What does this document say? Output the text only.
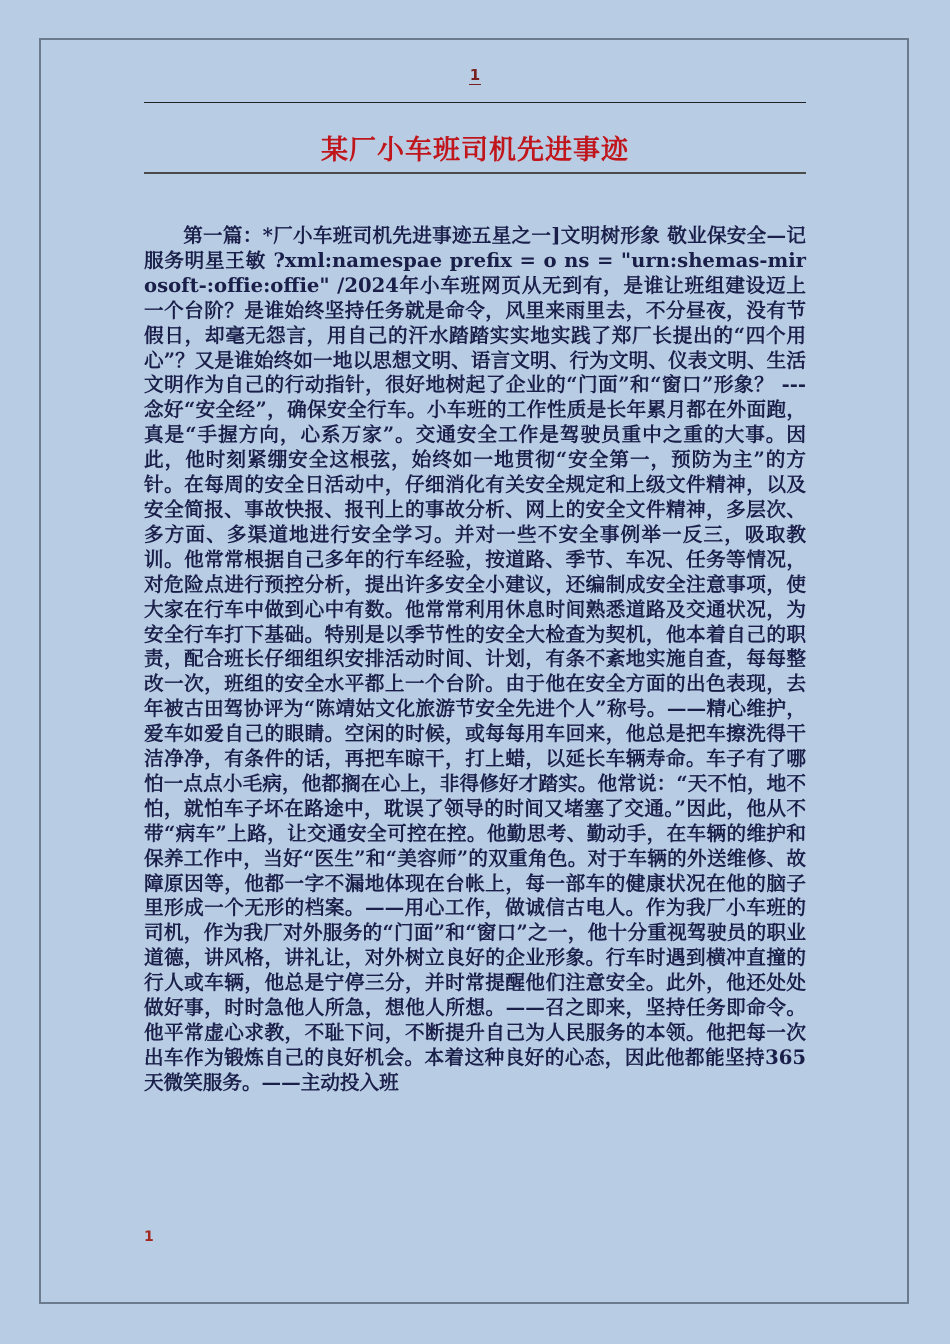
1
某厂小车班司机先进事迹

第一篇：*厂小车班司机先进事迹五星之一]文明树形象 敬业保安全—记服务明星王敏 ?xml:namespae prefix = o ns = "urn:shemas-mirosoft-:offie:offie" /2024年小车班网页从无到有，是谁让班组建设迈上一个台阶？是谁始终坚持任务就是命令，风里来雨里去，不分昼夜，没有节假日，却毫无怨言，用自己的汗水踏踏实实地实践了郑厂长提出的“四个用心”？又是谁始终如一地以思想文明、语言文明、行为文明、仪表文明、生活文明作为自己的行动指针，很好地树起了企业的“门面”和“窗口”形象？ ---念好“安全经”，确保安全行车。小车班的工作性质是长年累月都在外面跑，真是“手握方向，心系万家”。交通安全工作是驾驶员重中之重的大事。因此，他时刻紧绷安全这根弦，始终如一地贯彻“安全第一，预防为主”的方针。在每周的安全日活动中，仔细消化有关安全规定和上级文件精神，以及安全简报、事故快报、报刊上的事故分析、网上的安全文件精神，多层次、多方面、多渠道地进行安全学习。并对一些不安全事例举一反三，吸取教训。他常常根据自己多年的行车经验，按道路、季节、车况、任务等情况，对危险点进行预控分析，提出许多安全小建议，还编制成安全注意事项，使大家在行车中做到心中有数。他常常利用休息时间熟悉道路及交通状况，为安全行车打下基础。特别是以季节性的安全大检查为契机，他本着自己的职责，配合班长仔细组织安排活动时间、计划，有条不紊地实施自查，每每整改一次，班组的安全水平都上一个台阶。由于他在安全方面的出色表现，去年被古田驾协评为“陈靖姑文化旅游节安全先进个人”称号。——精心维护，爱车如爱自己的眼睛。空闲的时候，或每每用车回来，他总是把车擦洗得干洁净净，有条件的话，再把车晾干，打上蜡，以延长车辆寿命。车子有了哪怕一点点小毛病，他都搁在心上，非得修好才踏实。他常说：“天不怕，地不怕，就怕车子坏在路途中，耽误了领导的时间又堵塞了交通。”因此，他从不带“病车”上路，让交通安全可控在控。他勤思考、勤动手，在车辆的维护和保养工作中，当好“医生”和“美容师”的双重角色。对于车辆的外送维修、故障原因等，他都一字不漏地体现在台帐上，每一部车的健康状况在他的脑子里形成一个无形的档案。——用心工作，做诚信古电人。作为我厂小车班的司机，作为我厂对外服务的“门面”和“窗口”之一，他十分重视驾驶员的职业道德，讲风格，讲礼让，对外树立良好的企业形象。行车时遇到横冲直撞的行人或车辆，他总是宁停三分，并时常提醒他们注意安全。此外，他还处处做好事，时时急他人所急，想他人所想。——召之即来，坚持任务即命令。他平常虚心求教，不耻下问，不断提升自己为人民服务的本领。他把每一次出车作为锻炼自己的良好机会。本着这种良好的心态，因此他都能坚持365天微笑服务。——主动投入班

1
